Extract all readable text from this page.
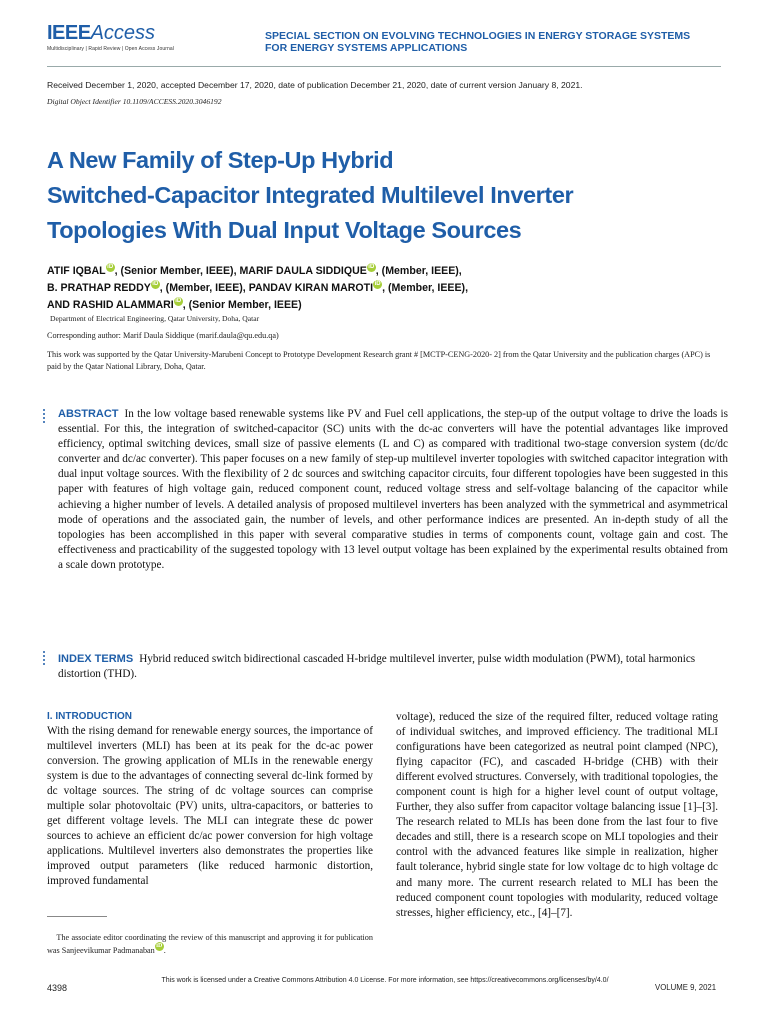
IEEEAccess
Multidisciplinary | Rapid Review | Open Access Journal
SPECIAL SECTION ON EVOLVING TECHNOLOGIES IN ENERGY STORAGE SYSTEMS
FOR ENERGY SYSTEMS APPLICATIONS
Received December 1, 2020, accepted December 17, 2020, date of publication December 21, 2020, date of current version January 8, 2021.
Digital Object Identifier 10.1109/ACCESS.2020.3046192
A New Family of Step-Up Hybrid
Switched-Capacitor Integrated Multilevel Inverter
Topologies With Dual Input Voltage Sources
ATIF IQBAL iD , (Senior Member, IEEE), MARIF DAULA SIDDIQUE iD , (Member, IEEE),
B. PRATHAP REDDY iD , (Member, IEEE), PANDAV KIRAN MAROTI iD , (Member, IEEE),
AND RASHID ALAMMARI iD , (Senior Member, IEEE)
Department of Electrical Engineering, Qatar University, Doha, Qatar
Corresponding author: Marif Daula Siddique (marif.daula@qu.edu.qa)
This work was supported by the Qatar University-Marubeni Concept to Prototype Development Research grant # [MCTP-CENG-2020- 2] from the Qatar University and the publication charges (APC) is paid by the Qatar National Library, Doha, Qatar.
ABSTRACT In the low voltage based renewable systems like PV and Fuel cell applications, the step-up of the output voltage to drive the loads is essential. For this, the integration of switched-capacitor (SC) units with the dc-ac converters will have the potential advantages like improved efficiency, optimal switching devices, small size of passive elements (L and C) as compared with traditional two-stage conversion system (dc/dc converter and dc/ac converter). This paper focuses on a new family of step-up multilevel inverter topologies with switched capacitor integration with dual input voltage sources. With the flexibility of 2 dc sources and switching capacitor circuits, four different topologies have been suggested in this paper with features of high voltage gain, reduced component count, reduced voltage stress and self-voltage balancing of the capacitor while achieving a higher number of levels. A detailed analysis of proposed multilevel inverters has been analyzed with the symmetrical and asymmetrical mode of operations and the associated gain, the number of levels, and other performance indices are presented. An in-depth study of all the topologies has been accomplished in this paper with several comparative studies in terms of components count, voltage gain and cost. The effectiveness and practicability of the suggested topology with 13 level output voltage has been explained by the experimental results obtained from a scale down prototype.
INDEX TERMS Hybrid reduced switch bidirectional cascaded H-bridge multilevel inverter, pulse width modulation (PWM), total harmonics distortion (THD).
I. INTRODUCTION
With the rising demand for renewable energy sources, the importance of multilevel inverters (MLI) has been at its peak for the dc-ac power conversion. The growing application of MLIs in the renewable energy system is due to the advantages of connecting several dc-link formed by dc voltage sources. The string of dc voltage sources can comprise multiple solar photovoltaic (PV) units, ultra-capacitors, or batteries to get different voltage levels. The MLI can integrate these dc power sources to achieve an efficient dc/ac power conversion for high voltage applications. Multilevel inverters also demonstrates the properties like improved output parameters (like reduced harmonic distortion, improved fundamental
voltage), reduced the size of the required filter, reduced voltage rating of individual switches, and improved efficiency. The traditional MLI configurations have been categorized as neutral point clamped (NPC), flying capacitor (FC), and cascaded H-bridge (CHB) with their different evolved structures. Conversely, with traditional topologies, the component count is high for a higher level count of output voltage, Further, they also suffer from capacitor voltage balancing issue [1]–[3]. The research related to MLIs has been done from the last four to five decades and still, there is a research scope on MLI topologies and their control with the advanced features like simple in realization, higher fault tolerance, hybrid single state for low voltage dc to high voltage dc and many more. The current research related to MLI has been the reduced component count topologies with modularity, reduced voltage stresses, higher efficiency, etc., [4]–[7].
The associate editor coordinating the review of this manuscript and approving it for publication was Sanjeevikumar Padmanaban iD .
4398
This work is licensed under a Creative Commons Attribution 4.0 License. For more information, see https://creativecommons.org/licenses/by/4.0/
VOLUME 9, 2021
